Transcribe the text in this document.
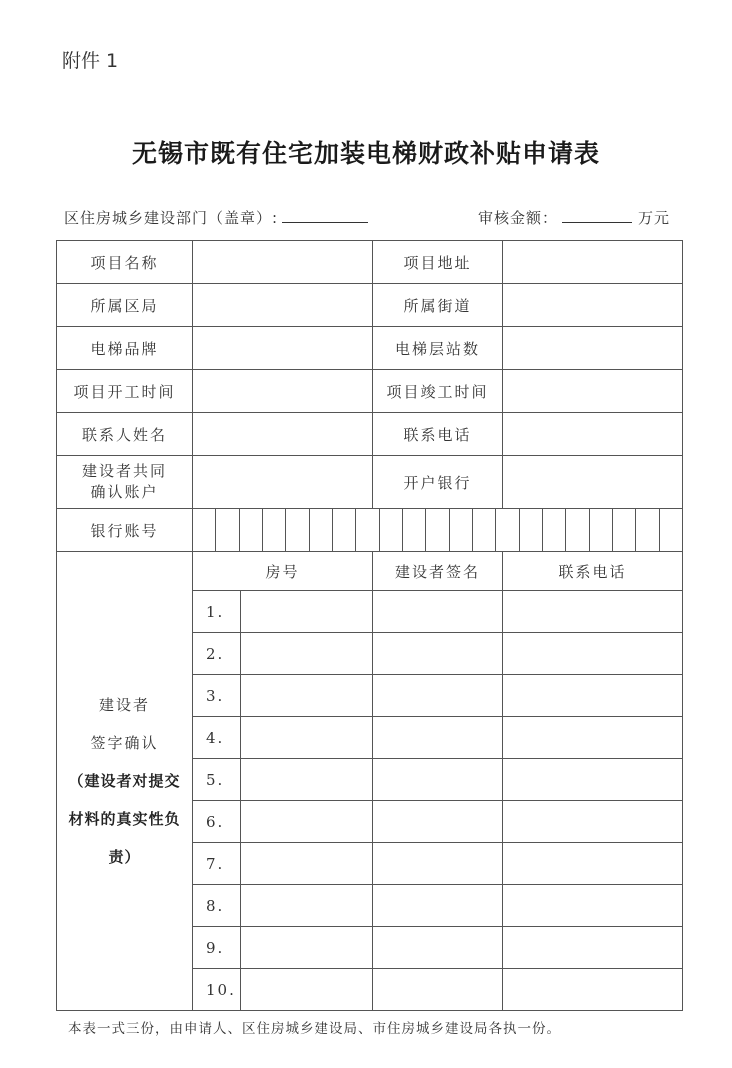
附件 1
无锡市既有住宅加装电梯财政补贴申请表
区住房城乡建设部门（盖章）:	审核金额：	万元
项目名称			项目地址	
所属区局			所属街道	
电梯品牌			电梯层站数	
项目开工时间			项目竣工时间	
联系人姓名			联系电话	

建设者共同
确认账户			开户银行	
银行账号				

建设者
签字确认
（建设者对提交
材料的真实性负
责）	房号		建设者签名	联系电话
	1.			
	2.			
	3.			
	4.			
	5.			
	6.			
	7.			
	8.			
	9.			
	10.			
本表一式三份，由申请人、区住房城乡建设局、市住房城乡建设局各执一份。
